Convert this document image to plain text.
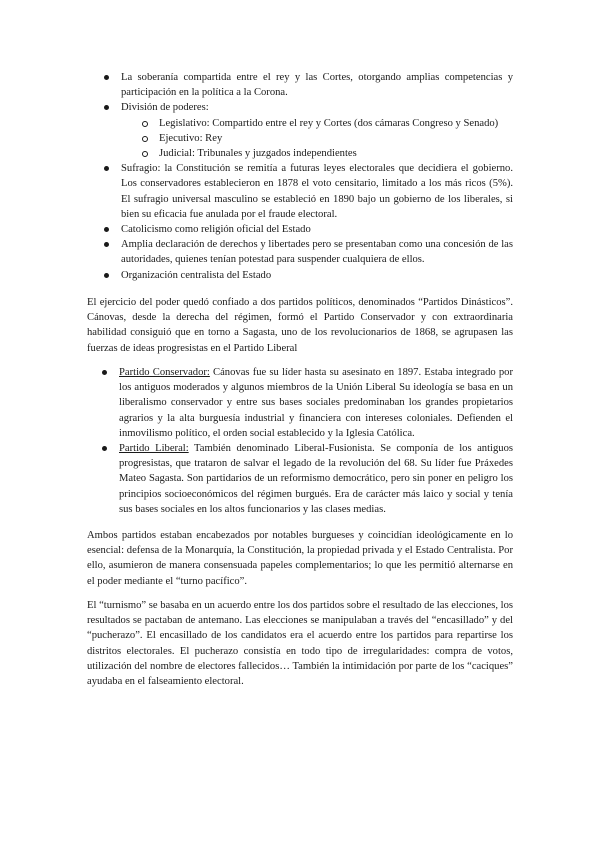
La soberanía compartida entre el rey y las Cortes, otorgando amplias competencias y participación en la política a la Corona.
División de poderes:
Legislativo: Compartido entre el rey y Cortes (dos cámaras Congreso y Senado)
Ejecutivo: Rey
Judicial: Tribunales y juzgados independientes
Sufragio: la Constitución se remitía a futuras leyes electorales que decidiera el gobierno. Los conservadores establecieron en 1878 el voto censitario, limitado a los más ricos (5%). El sufragio universal masculino se estableció en 1890 bajo un gobierno de los liberales, si bien su eficacia fue anulada por el fraude electoral.
Catolicismo como religión oficial del Estado
Amplia declaración de derechos y libertades pero se presentaban como una concesión de las autoridades, quienes tenían potestad para suspender cualquiera de ellos.
Organización centralista del Estado

El ejercicio del poder quedó confiado a dos partidos políticos, denominados “Partidos Dinásticos”. Cánovas, desde la derecha del régimen, formó el Partido Conservador y con extraordinaria habilidad consiguió que en torno a Sagasta, uno de los revolucionarios de 1868, se agrupasen las fuerzas de ideas progresistas en el Partido Liberal

Partido Conservador: Cánovas fue su líder hasta su asesinato en 1897. Estaba integrado por los antiguos moderados y algunos miembros de la Unión Liberal Su ideología se basa en un liberalismo conservador y entre sus bases sociales predominaban los grandes propietarios agrarios y la alta burguesía industrial y financiera con intereses coloniales. Defienden el inmovilismo político, el orden social establecido y la Iglesia Católica.
Partido Liberal: También denominado Liberal-Fusionista. Se componía de los antiguos progresistas, que trataron de salvar el legado de la revolución del 68. Su líder fue Práxedes Mateo Sagasta. Son partidarios de un reformismo democrático, pero sin poner en peligro los principios socioeconómicos del régimen burgués. Era de carácter más laico y social y tenía sus bases sociales en los altos funcionarios y las clases medias.

Ambos partidos estaban encabezados por notables burgueses y coincidían ideológicamente en lo esencial: defensa de la Monarquía, la Constitución, la propiedad privada y el Estado Centralista. Por ello, asumieron de manera consensuada papeles complementarios; lo que les permitió alternarse en el poder mediante el “turno pacífico”.

El “turnismo” se basaba en un acuerdo entre los dos partidos sobre el resultado de las elecciones, los resultados se pactaban de antemano. Las elecciones se manipulaban a través del “encasillado” y del “pucherazo”. El encasillado de los candidatos era el acuerdo entre los partidos para repartirse los distritos electorales. El pucherazo consistía en todo tipo de irregularidades: compra de votos, utilización del nombre de electores fallecidos… También la intimidación por parte de los “caciques” ayudaba en el falseamiento electoral.
